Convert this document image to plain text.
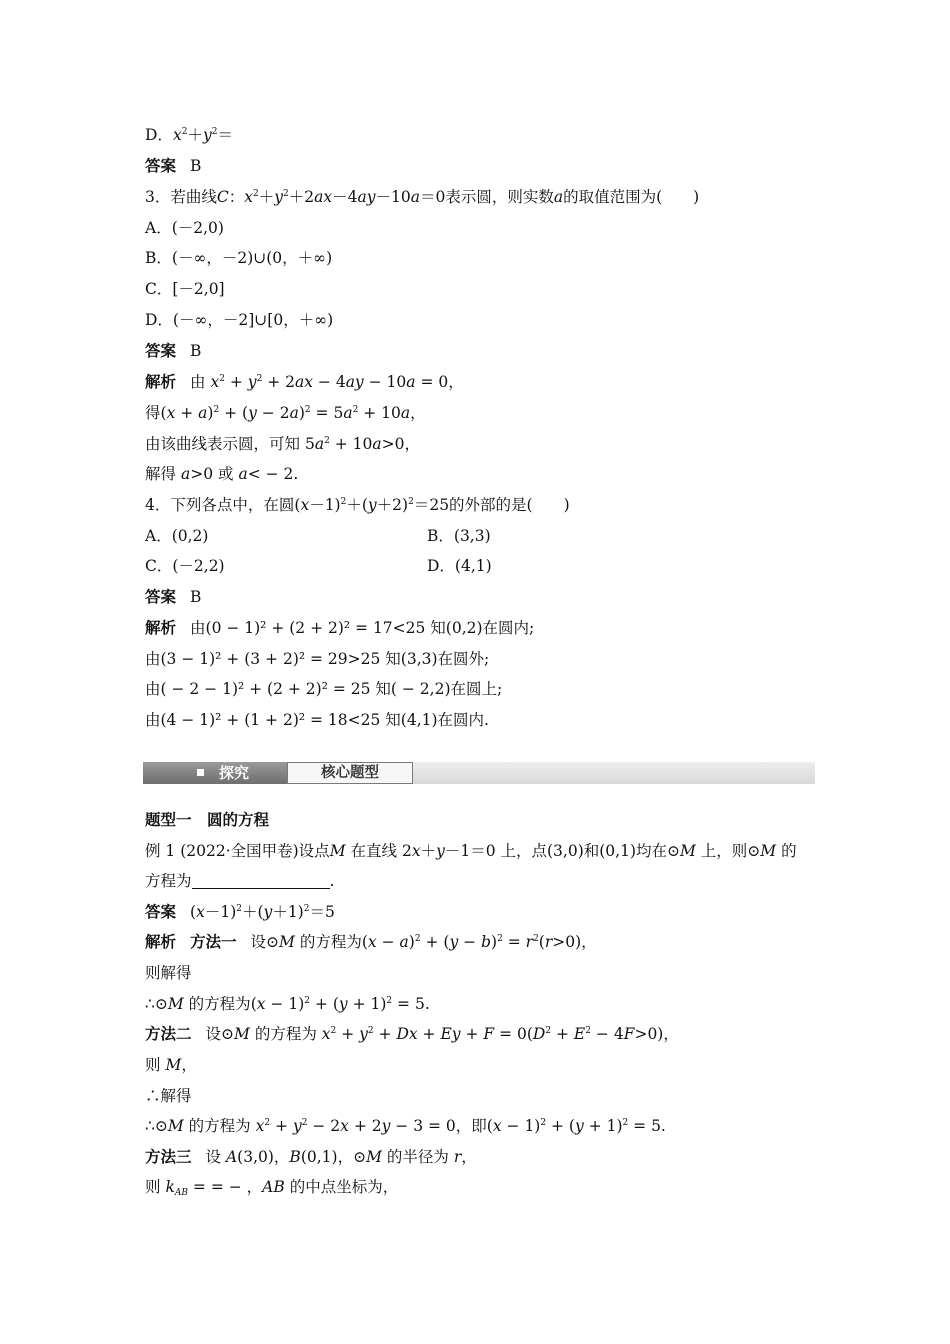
D．$x^2+y^2=$
答案 B
3．若曲线C：$x^2+y^2+2ax-4ay-10a=0$表示圆，则实数a的取值范围为(　　)
A．(－2,0)
B．(－∞，－2)∪(0，＋∞)
C．[－2,0]
D．(－∞，－2]∪[0，＋∞)
答案 B
解析 由 $x^2 + y^2 + 2ax - 4ay - 10a = 0$，
得$(x + a)^2 + (y - 2a)^2 = 5a^2 + 10a$，
由该曲线表示圆，可知 $5a^2 + 10a>0$，
解得 a>0 或 a< − 2.
4．下列各点中，在圆$(x-1)^2+(y+2)^2=25$的外部的是(　　)
A．(0,2)	B．(3,3)
C．(－2,2)	D．(4,1)
答案 B
解析 由(0 − 1)² + (2 + 2)² = 17<25 知(0,2)在圆内;
由(3 − 1)² + (3 + 2)² = 29>25 知(3,3)在圆外;
由( − 2 − 1)² + (2 + 2)² = 25 知( − 2,2)在圆上;
由(4 − 1)² + (1 + 2)² = 18<25 知(4,1)在圆内.
探究	核心题型
题型一　圆的方程
例 1 (2022·全国甲卷)设点M 在直线 2x＋y－1＝0 上，点(3,0)和(0,1)均在⊙M 上，则⊙M 的
方程为	.
答案 $(x-1)^2+(y+1)^2=5$
解析 方法一 设⊙M 的方程为$(x - a)^2 + (y - b)^2 = r^2(r>0)$，
则解得
∴⊙M 的方程为$(x - 1)^2 + (y + 1)^2 = 5$.
方法二 设⊙M 的方程为 $x^2 + y^2 + Dx + Ey + F = 0(D^2 + E^2 - 4F>0)$，
则 M，
∴解得
∴⊙M 的方程为 $x^2 + y^2 - 2x + 2y - 3 = 0$，即$(x - 1)^2 + (y + 1)^2 = 5$.
方法三 设 A(3,0)，B(0,1)，⊙M 的半径为 r，
则 $k_{AB}$ = = − ，AB 的中点坐标为，
